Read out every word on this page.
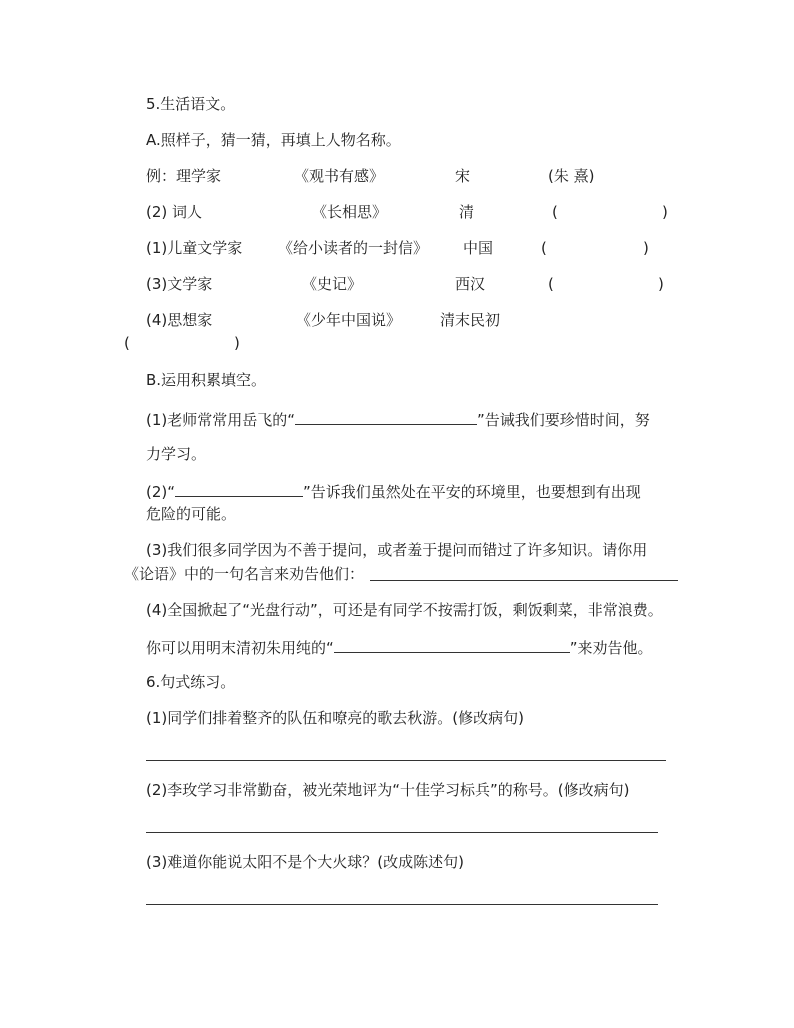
5.生活语文。
A.照样子，猜一猜，再填上人物名称。
例：理学家	《观书有感》	宋	(朱 熹)
(2) 词人	《长相思》	清	(	)
(1)儿童文学家 《给小读者的一封信》 中国	(	)
(3)文学家	《史记》	西汉	(	)
(4)思想家	《少年中国说》	清末民初
(	)
B.运用积累填空。
(1)老师常常用岳飞的“	”告诫我们要珍惜时间，努
力学习。
(2)“	”告诉我们虽然处在平安的环境里，也要想到有出现
危险的可能。
(3)我们很多同学因为不善于提问，或者羞于提问而错过了许多知识。请你用
《论语》中的一句名言来劝告他们：
(4)全国掀起了“光盘行动”，可还是有同学不按需打饭，剩饭剩菜，非常浪费。
你可以用明末清初朱用纯的“	”来劝告他。
6.句式练习。
(1)同学们排着整齐的队伍和嘹亮的歌去秋游。(修改病句)
(2)李玫学习非常勤奋，被光荣地评为“十佳学习标兵”的称号。(修改病句)
(3)难道你能说太阳不是个大火球？(改成陈述句)
